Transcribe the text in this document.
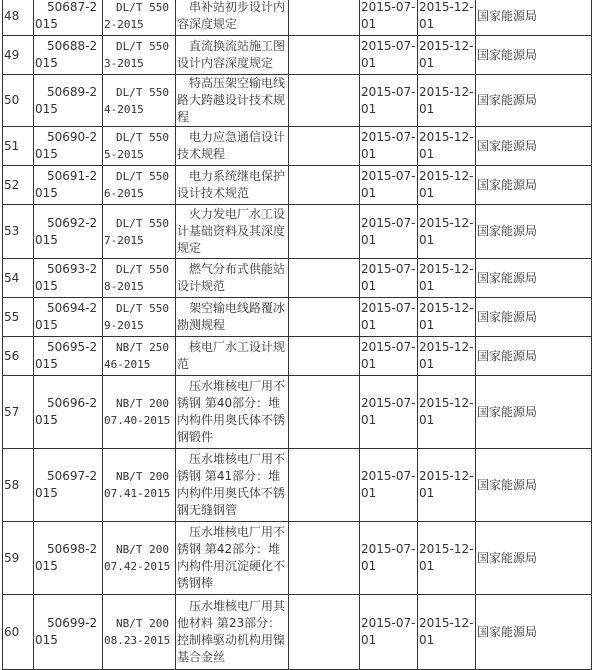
48	50687-2015	DL/T 5502-2015	串补站初步设计内容深度规定		2015-07-01	2015-12-01	国家能源局
49	50688-2015	DL/T 5503-2015	直流换流站施工图设计内容深度规定		2015-07-01	2015-12-01	国家能源局
50	50689-2015	DL/T 5504-2015	特高压架空输电线路大跨越设计技术规程		2015-07-01	2015-12-01	国家能源局
51	50690-2015	DL/T 5505-2015	电力应急通信设计技术规程		2015-07-01	2015-12-01	国家能源局
52	50691-2015	DL/T 5506-2015	电力系统继电保护设计技术规范		2015-07-01	2015-12-01	国家能源局
53	50692-2015	DL/T 5507-2015	火力发电厂水工设计基础资料及其深度规定		2015-07-01	2015-12-01	国家能源局
54	50693-2015	DL/T 5508-2015	燃气分布式供能站设计规范		2015-07-01	2015-12-01	国家能源局
55	50694-2015	DL/T 5509-2015	架空输电线路覆冰勘测规程		2015-07-01	2015-12-01	国家能源局
56	50695-2015	NB/T 25046-2015	核电厂水工设计规范		2015-07-01	2015-12-01	国家能源局
57	50696-2015	NB/T 20007.40-2015	压水堆核电厂用不锈钢 第40部分：堆内构件用奥氏体不锈钢锻件		2015-07-01	2015-12-01	国家能源局
58	50697-2015	NB/T 20007.41-2015	压水堆核电厂用不锈钢 第41部分：堆内构件用奥氏体不锈钢无缝钢管		2015-07-01	2015-12-01	国家能源局
59	50698-2015	NB/T 20007.42-2015	压水堆核电厂用不锈钢 第42部分：堆内构件用沉淀硬化不锈钢棒		2015-07-01	2015-12-01	国家能源局
60	50699-2015	NB/T 20008.23-2015	压水堆核电厂用其他材料 第23部分：控制棒驱动机构用镍基合金丝		2015-07-01	2015-12-01	国家能源局
